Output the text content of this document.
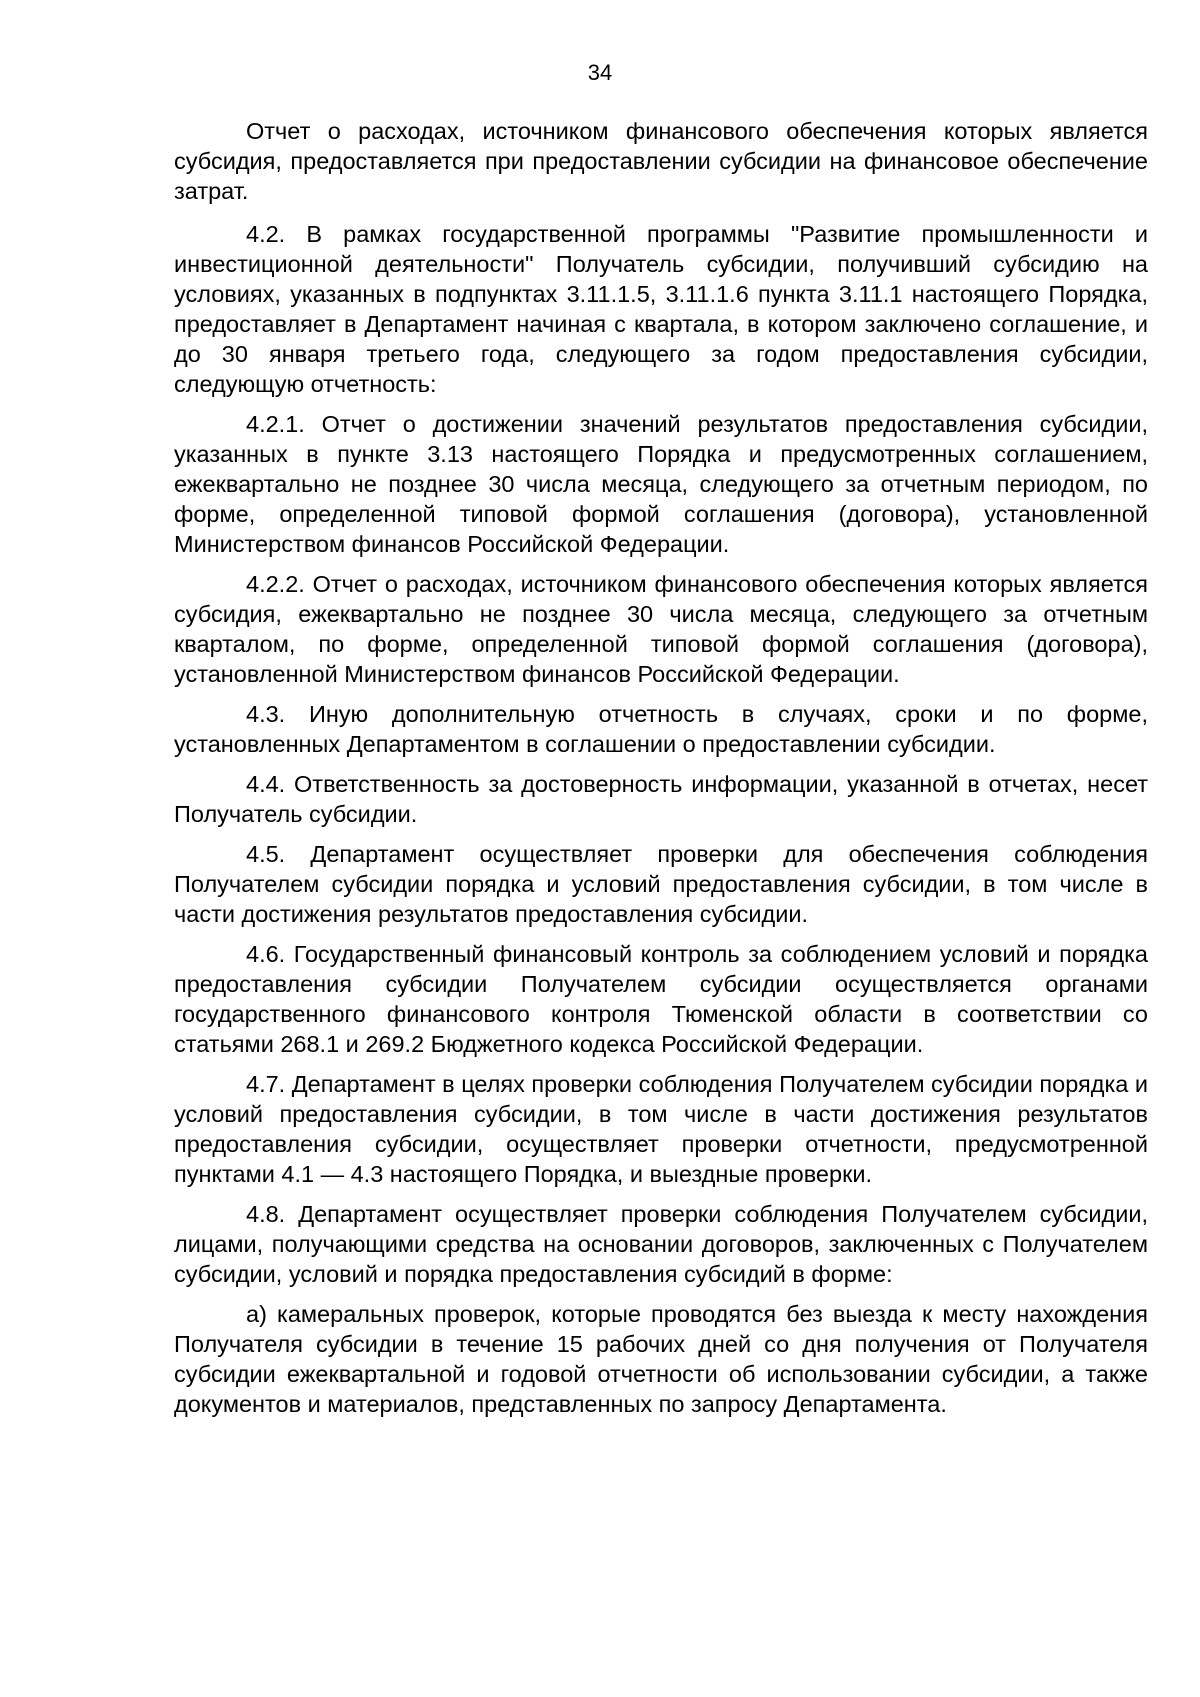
34

Отчет о расходах, источником финансового обеспечения которых является субсидия, предоставляется при предоставлении субсидии на финансовое обеспечение затрат.

4.2. В рамках государственной программы "Развитие промышленности и инвестиционной деятельности" Получатель субсидии, получивший субсидию на условиях, указанных в подпунктах 3.11.1.5, 3.11.1.6 пункта 3.11.1 настоящего Порядка, предоставляет в Департамент начиная с квартала, в котором заключено соглашение, и до 30 января третьего года, следующего за годом предоставления субсидии, следующую отчетность:

4.2.1. Отчет о достижении значений результатов предоставления субсидии, указанных в пункте 3.13 настоящего Порядка и предусмотренных соглашением, ежеквартально не позднее 30 числа месяца, следующего за отчетным периодом, по форме, определенной типовой формой соглашения (договора), установленной Министерством финансов Российской Федерации.

4.2.2. Отчет о расходах, источником финансового обеспечения которых является субсидия, ежеквартально не позднее 30 числа месяца, следующего за отчетным кварталом, по форме, определенной типовой формой соглашения (договора), установленной Министерством финансов Российской Федерации.

4.3. Иную дополнительную отчетность в случаях, сроки и по форме, установленных Департаментом в соглашении о предоставлении субсидии.

4.4. Ответственность за достоверность информации, указанной в отчетах, несет Получатель субсидии.

4.5. Департамент осуществляет проверки для обеспечения соблюдения Получателем субсидии порядка и условий предоставления субсидии, в том числе в части достижения результатов предоставления субсидии.

4.6. Государственный финансовый контроль за соблюдением условий и порядка предоставления субсидии Получателем субсидии осуществляется органами государственного финансового контроля Тюменской области в соответствии со статьями 268.1 и 269.2 Бюджетного кодекса Российской Федерации.

4.7. Департамент в целях проверки соблюдения Получателем субсидии порядка и условий предоставления субсидии, в том числе в части достижения результатов предоставления субсидии, осуществляет проверки отчетности, предусмотренной пунктами 4.1 — 4.3 настоящего Порядка, и выездные проверки.

4.8. Департамент осуществляет проверки соблюдения Получателем субсидии, лицами, получающими средства на основании договоров, заключенных с Получателем субсидии, условий и порядка предоставления субсидий в форме:

а) камеральных проверок, которые проводятся без выезда к месту нахождения Получателя субсидии в течение 15 рабочих дней со дня получения от Получателя субсидии ежеквартальной и годовой отчетности об использовании субсидии, а также документов и материалов, представленных по запросу Департамента.
